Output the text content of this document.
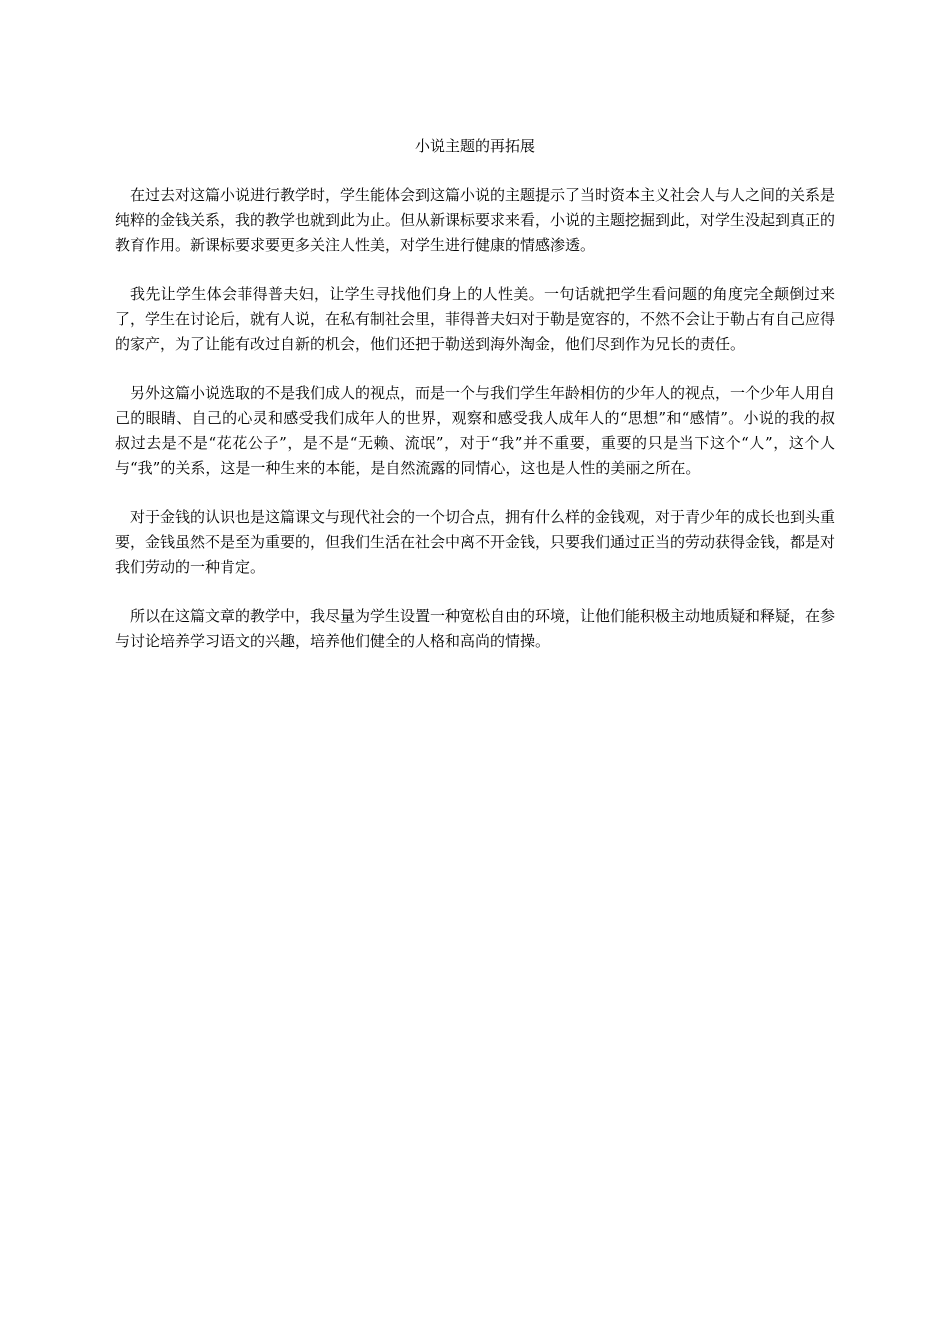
小说主题的再拓展

在过去对这篇小说进行教学时，学生能体会到这篇小说的主题提示了当时资本主义社会人与人之间的关系是纯粹的金钱关系，我的教学也就到此为止。但从新课标要求来看，小说的主题挖掘到此，对学生没起到真正的教育作用。新课标要求要更多关注人性美，对学生进行健康的情感渗透。

我先让学生体会菲得普夫妇，让学生寻找他们身上的人性美。一句话就把学生看问题的角度完全颠倒过来了，学生在讨论后，就有人说，在私有制社会里，菲得普夫妇对于勒是宽容的，不然不会让于勒占有自己应得的家产，为了让能有改过自新的机会，他们还把于勒送到海外淘金，他们尽到作为兄长的责任。

另外这篇小说选取的不是我们成人的视点，而是一个与我们学生年龄相仿的少年人的视点，一个少年人用自己的眼睛、自己的心灵和感受我们成年人的世界，观察和感受我人成年人的“思想”和“感情”。小说的我的叔叔过去是不是“花花公子”，是不是“无赖、流氓”，对于“我”并不重要，重要的只是当下这个“人”，这个人与“我”的关系，这是一种生来的本能，是自然流露的同情心，这也是人性的美丽之所在。

对于金钱的认识也是这篇课文与现代社会的一个切合点，拥有什么样的金钱观，对于青少年的成长也到头重要，金钱虽然不是至为重要的，但我们生活在社会中离不开金钱，只要我们通过正当的劳动获得金钱，都是对我们劳动的一种肯定。

所以在这篇文章的教学中，我尽量为学生设置一种宽松自由的环境，让他们能积极主动地质疑和释疑，在参与讨论培养学习语文的兴趣，培养他们健全的人格和高尚的情操。
